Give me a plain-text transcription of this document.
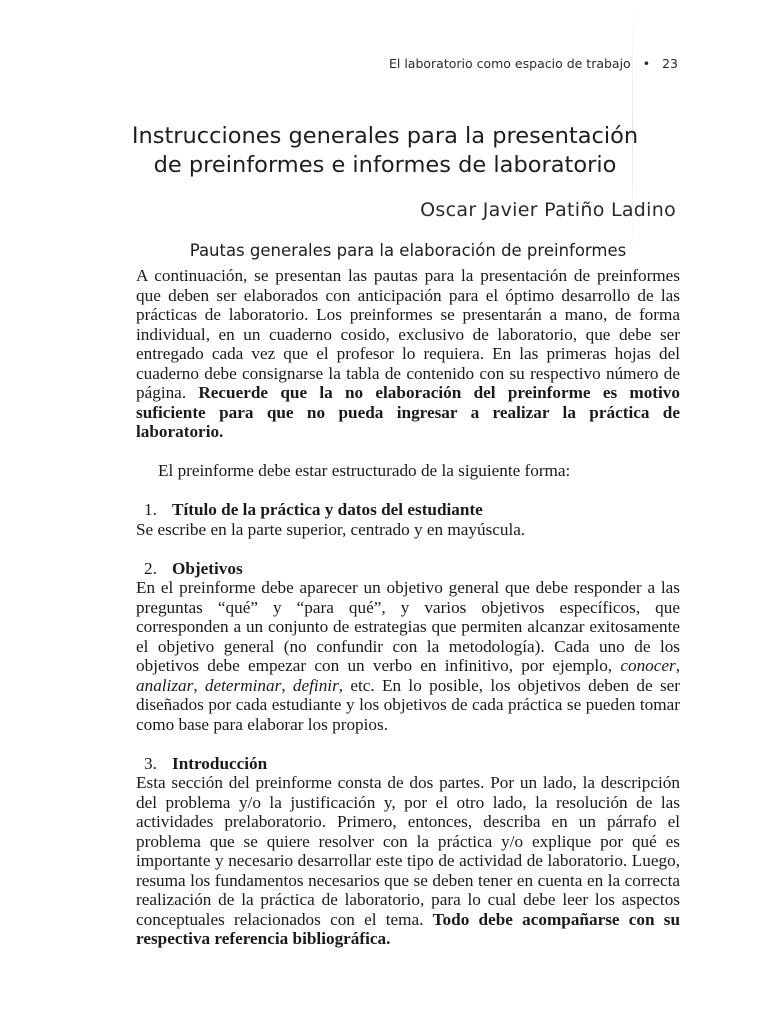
El laboratorio como espacio de trabajo • 23
Instrucciones generales para la presentación
de preinformes e informes de laboratorio
Oscar Javier Patiño Ladino
Pautas generales para la elaboración de preinformes

A continuación, se presentan las pautas para la presentación de preinformes que deben ser elaborados con anticipación para el óptimo desarrollo de las prácticas de laboratorio. Los preinformes se presentarán a mano, de forma individual, en un cuaderno cosido, exclusivo de laboratorio, que debe ser entregado cada vez que el profesor lo requiera. En las primeras hojas del cuaderno debe consignarse la tabla de contenido con su respectivo número de página. Recuerde que la no elaboración del preinforme es motivo suficiente para que no pueda ingresar a realizar la práctica de laboratorio.

El preinforme debe estar estructurado de la siguiente forma:

1. Título de la práctica y datos del estudiante

Se escribe en la parte superior, centrado y en mayúscula.

2. Objetivos

En el preinforme debe aparecer un objetivo general que debe responder a las preguntas “qué” y “para qué”, y varios objetivos específicos, que corresponden a un conjunto de estrategias que permiten alcanzar exitosamente el objetivo general (no confundir con la metodología). Cada uno de los objetivos debe empezar con un verbo en infinitivo, por ejemplo, conocer, analizar, determinar, definir, etc. En lo posible, los objetivos deben de ser diseñados por cada estudiante y los objetivos de cada práctica se pueden tomar como base para elaborar los propios.

3. Introducción

Esta sección del preinforme consta de dos partes. Por un lado, la descripción del problema y/o la justificación y, por el otro lado, la resolución de las actividades prelaboratorio. Primero, entonces, describa en un párrafo el problema que se quiere resolver con la práctica y/o explique por qué es importante y necesario desarrollar este tipo de actividad de laboratorio. Luego, resuma los fundamentos necesarios que se deben tener en cuenta en la correcta realización de la práctica de laboratorio, para lo cual debe leer los aspectos conceptuales relacionados con el tema. Todo debe acompañarse con su respectiva referencia bibliográfica.
